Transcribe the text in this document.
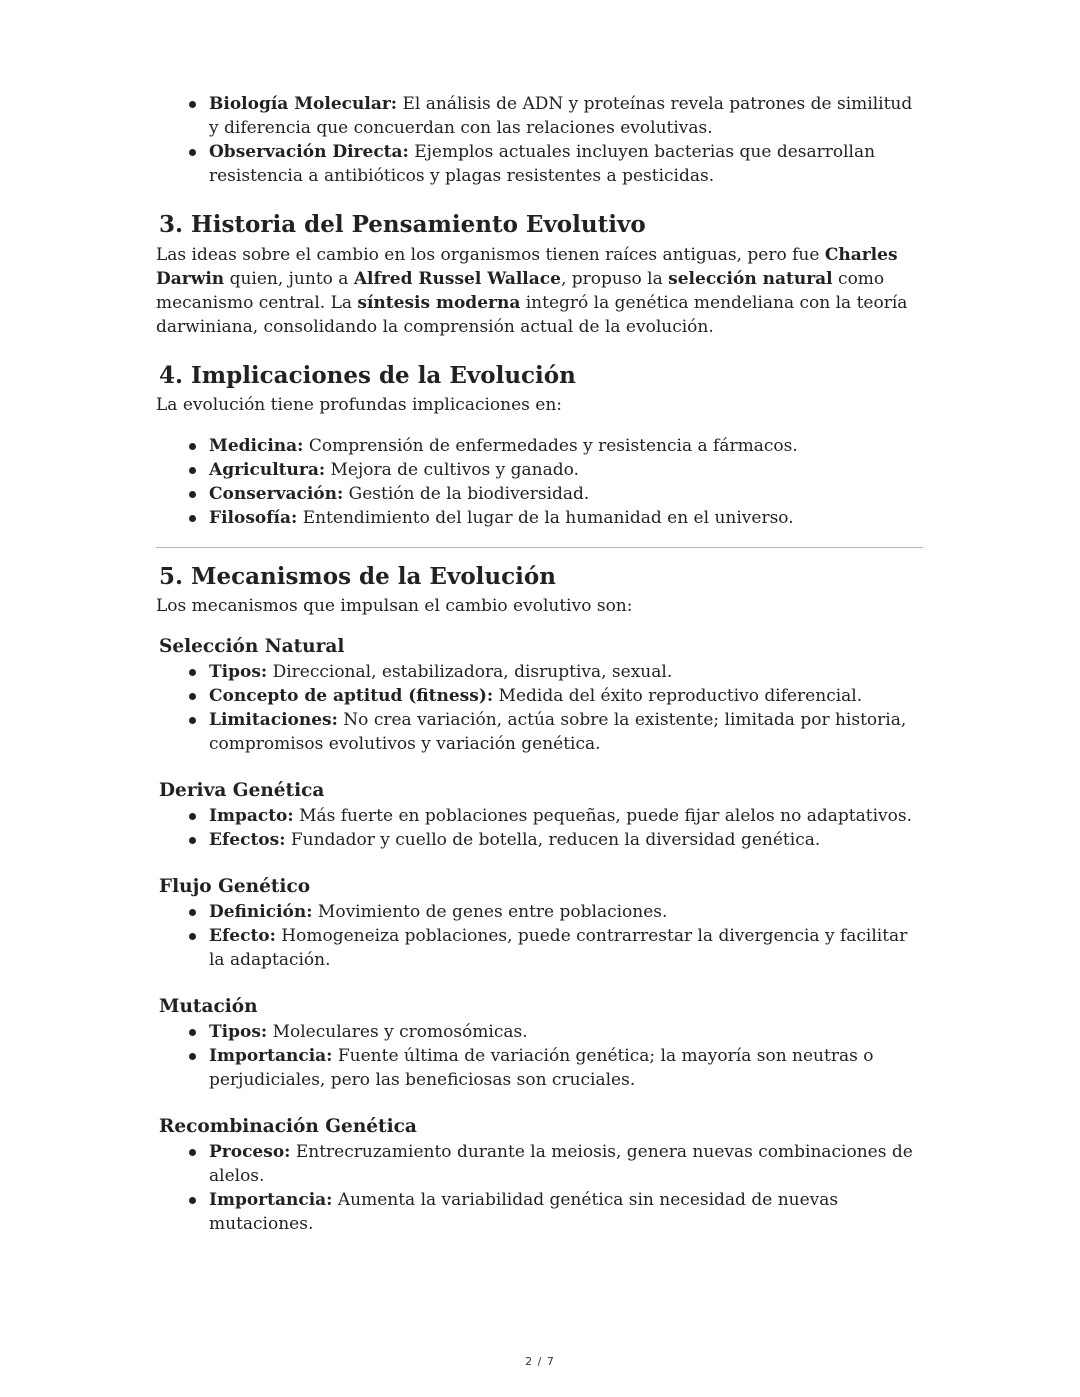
Biología Molecular: El análisis de ADN y proteínas revela patrones de similitud y diferencia que concuerdan con las relaciones evolutivas.
Observación Directa: Ejemplos actuales incluyen bacterias que desarrollan resistencia a antibióticos y plagas resistentes a pesticidas.
3. Historia del Pensamiento Evolutivo

Las ideas sobre el cambio en los organismos tienen raíces antiguas, pero fue Charles Darwin quien, junto a Alfred Russel Wallace, propuso la selección natural como mecanismo central. La síntesis moderna integró la genética mendeliana con la teoría darwiniana, consolidando la comprensión actual de la evolución.

4. Implicaciones de la Evolución

La evolución tiene profundas implicaciones en:

Medicina: Comprensión de enfermedades y resistencia a fármacos.
Agricultura: Mejora de cultivos y ganado.
Conservación: Gestión de la biodiversidad.
Filosofía: Entendimiento del lugar de la humanidad en el universo.
5. Mecanismos de la Evolución

Los mecanismos que impulsan el cambio evolutivo son:

Selección Natural
Tipos: Direccional, estabilizadora, disruptiva, sexual.
Concepto de aptitud (fitness): Medida del éxito reproductivo diferencial.
Limitaciones: No crea variación, actúa sobre la existente; limitada por historia, compromisos evolutivos y variación genética.
Deriva Genética
Impacto: Más fuerte en poblaciones pequeñas, puede fijar alelos no adaptativos.
Efectos: Fundador y cuello de botella, reducen la diversidad genética.
Flujo Genético
Definición: Movimiento de genes entre poblaciones.
Efecto: Homogeneiza poblaciones, puede contrarrestar la divergencia y facilitar la adaptación.
Mutación
Tipos: Moleculares y cromosómicas.
Importancia: Fuente última de variación genética; la mayoría son neutras o perjudiciales, pero las beneficiosas son cruciales.
Recombinación Genética
Proceso: Entrecruzamiento durante la meiosis, genera nuevas combinaciones de alelos.
Importancia: Aumenta la variabilidad genética sin necesidad de nuevas mutaciones.
2 / 7
